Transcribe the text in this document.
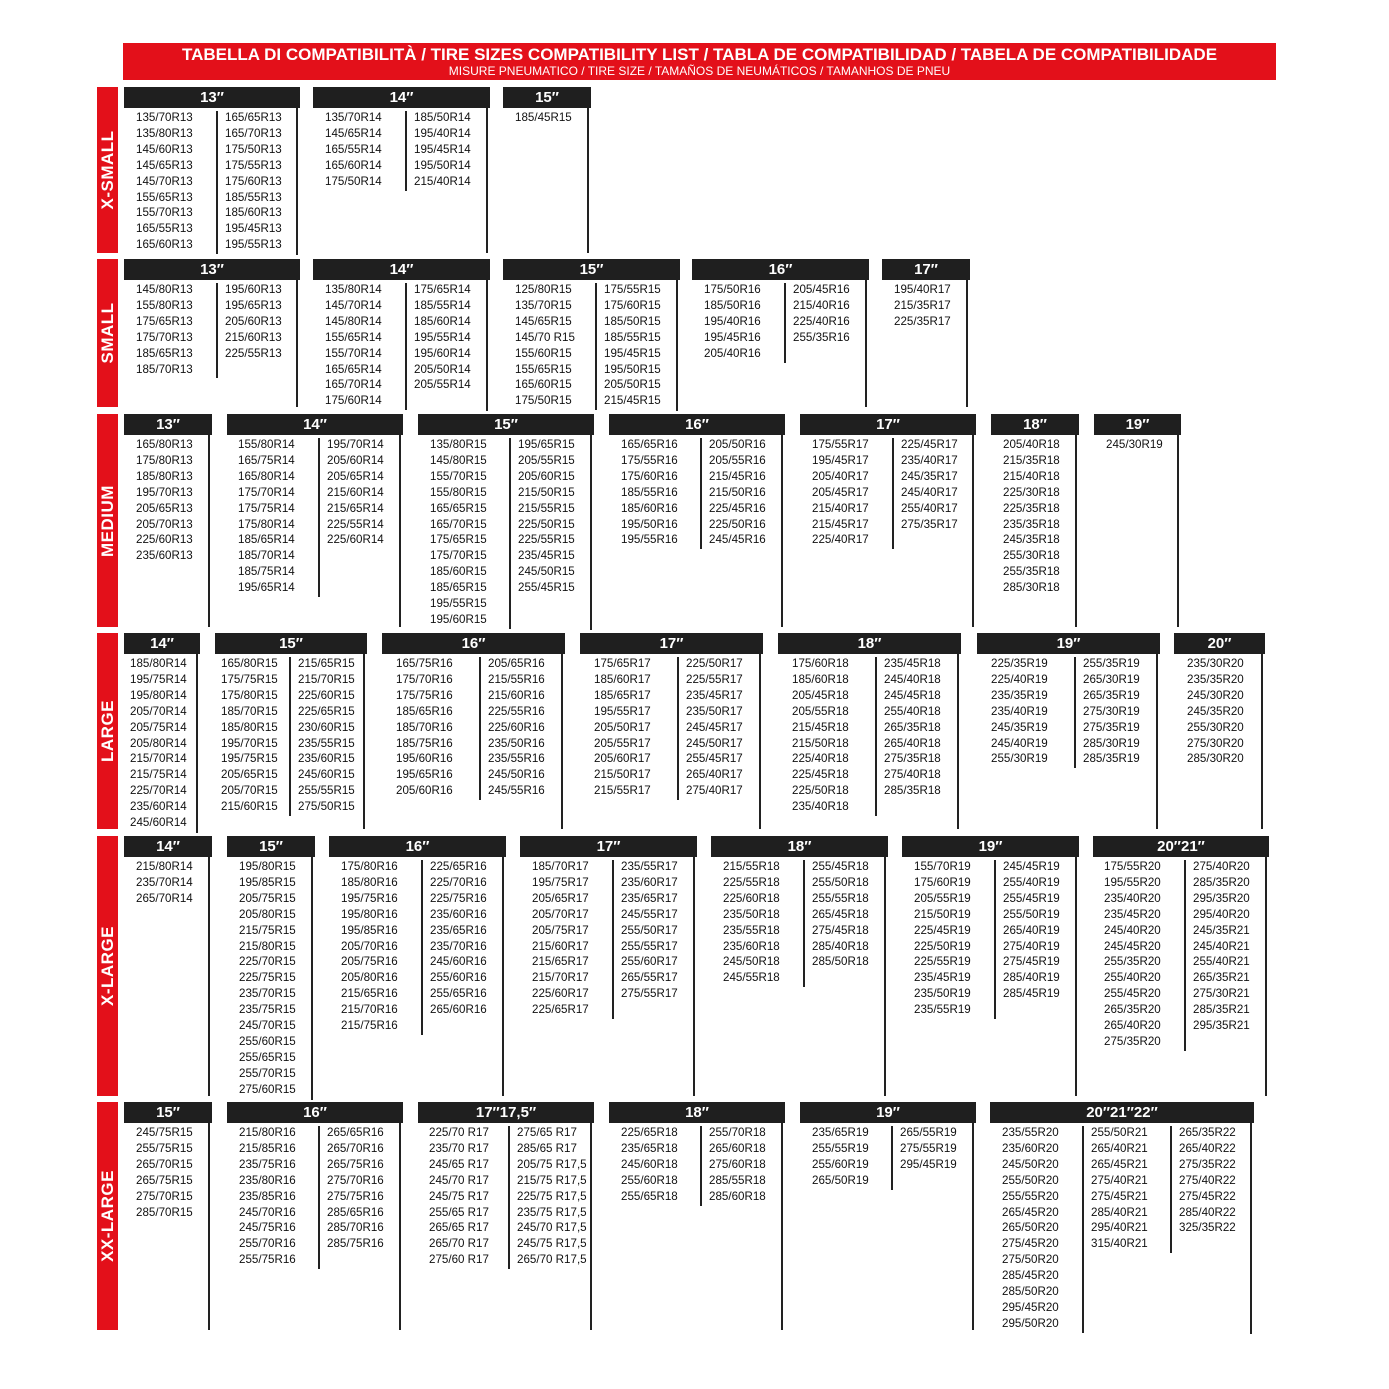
TABELLA DI COMPATIBILITÀ / TIRE SIZES COMPATIBILITY LIST / TABLA DE COMPATIBILIDAD / TABELA DE COMPATIBILIDADE
MISURE PNEUMATICO / TIRE SIZE / TAMAÑOS DE NEUMÁTICOS / TAMANHOS DE PNEU
X-SMALL
13″
135/70R13
135/80R13
145/60R13
145/65R13
145/70R13
155/65R13
155/70R13
165/55R13
165/60R13
165/65R13
165/70R13
175/50R13
175/55R13
175/60R13
185/55R13
185/60R13
195/45R13
195/55R13
14″
135/70R14
145/65R14
165/55R14
165/60R14
175/50R14
185/50R14
195/40R14
195/45R14
195/50R14
215/40R14
15″
185/45R15
SMALL
13″
145/80R13
155/80R13
175/65R13
175/70R13
185/65R13
185/70R13
195/60R13
195/65R13
205/60R13
215/60R13
225/55R13
14″
135/80R14
145/70R14
145/80R14
155/65R14
155/70R14
165/65R14
165/70R14
175/60R14
175/65R14
185/55R14
185/60R14
195/55R14
195/60R14
205/50R14
205/55R14
15″
125/80R15
135/70R15
145/65R15
145/70 R15
155/60R15
155/65R15
165/60R15
175/50R15
175/55R15
175/60R15
185/50R15
185/55R15
195/45R15
195/50R15
205/50R15
215/45R15
16″
175/50R16
185/50R16
195/40R16
195/45R16
205/40R16
205/45R16
215/40R16
225/40R16
255/35R16
17″
195/40R17
215/35R17
225/35R17
MEDIUM
13″
165/80R13
175/80R13
185/80R13
195/70R13
205/65R13
205/70R13
225/60R13
235/60R13
14″
155/80R14
165/75R14
165/80R14
175/70R14
175/75R14
175/80R14
185/65R14
185/70R14
185/75R14
195/65R14
195/70R14
205/60R14
205/65R14
215/60R14
215/65R14
225/55R14
225/60R14
15″
135/80R15
145/80R15
155/70R15
155/80R15
165/65R15
165/70R15
175/65R15
175/70R15
185/60R15
185/65R15
195/55R15
195/60R15
195/65R15
205/55R15
205/60R15
215/50R15
215/55R15
225/50R15
225/55R15
235/45R15
245/50R15
255/45R15
16″
165/65R16
175/55R16
175/60R16
185/55R16
185/60R16
195/50R16
195/55R16
205/50R16
205/55R16
215/45R16
215/50R16
225/45R16
225/50R16
245/45R16
17″
175/55R17
195/45R17
205/40R17
205/45R17
215/40R17
215/45R17
225/40R17
225/45R17
235/40R17
245/35R17
245/40R17
255/40R17
275/35R17
18″
205/40R18
215/35R18
215/40R18
225/30R18
225/35R18
235/35R18
245/35R18
255/30R18
255/35R18
285/30R18
19″
245/30R19
LARGE
14″
185/80R14
195/75R14
195/80R14
205/70R14
205/75R14
205/80R14
215/70R14
215/75R14
225/70R14
235/60R14
245/60R14
15″
165/80R15
175/75R15
175/80R15
185/70R15
185/80R15
195/70R15
195/75R15
205/65R15
205/70R15
215/60R15
215/65R15
215/70R15
225/60R15
225/65R15
230/60R15
235/55R15
235/60R15
245/60R15
255/55R15
275/50R15
16″
165/75R16
175/70R16
175/75R16
185/65R16
185/70R16
185/75R16
195/60R16
195/65R16
205/60R16
205/65R16
215/55R16
215/60R16
225/55R16
225/60R16
235/50R16
235/55R16
245/50R16
245/55R16
17″
175/65R17
185/60R17
185/65R17
195/55R17
205/50R17
205/55R17
205/60R17
215/50R17
215/55R17
225/50R17
225/55R17
235/45R17
235/50R17
245/45R17
245/50R17
255/45R17
265/40R17
275/40R17
18″
175/60R18
185/60R18
205/45R18
205/55R18
215/45R18
215/50R18
225/40R18
225/45R18
225/50R18
235/40R18
235/45R18
245/40R18
245/45R18
255/40R18
265/35R18
265/40R18
275/35R18
275/40R18
285/35R18
19″
225/35R19
225/40R19
235/35R19
235/40R19
245/35R19
245/40R19
255/30R19
255/35R19
265/30R19
265/35R19
275/30R19
275/35R19
285/30R19
285/35R19
20″
235/30R20
235/35R20
245/30R20
245/35R20
255/30R20
275/30R20
285/30R20
X-LARGE
14″
215/80R14
235/70R14
265/70R14
15″
195/80R15
195/85R15
205/75R15
205/80R15
215/75R15
215/80R15
225/70R15
225/75R15
235/70R15
235/75R15
245/70R15
255/60R15
255/65R15
255/70R15
275/60R15
16″
175/80R16
185/80R16
195/75R16
195/80R16
195/85R16
205/70R16
205/75R16
205/80R16
215/65R16
215/70R16
215/75R16
225/65R16
225/70R16
225/75R16
235/60R16
235/65R16
235/70R16
245/60R16
255/60R16
255/65R16
265/60R16
17″
185/70R17
195/75R17
205/65R17
205/70R17
205/75R17
215/60R17
215/65R17
215/70R17
225/60R17
225/65R17
235/55R17
235/60R17
235/65R17
245/55R17
255/50R17
255/55R17
255/60R17
265/55R17
275/55R17
18″
215/55R18
225/55R18
225/60R18
235/50R18
235/55R18
235/60R18
245/50R18
245/55R18
255/45R18
255/50R18
255/55R18
265/45R18
275/45R18
285/40R18
285/50R18
19″
155/70R19
175/60R19
205/55R19
215/50R19
225/45R19
225/50R19
225/55R19
235/45R19
235/50R19
235/55R19
245/45R19
255/40R19
255/45R19
255/50R19
265/40R19
275/40R19
275/45R19
285/40R19
285/45R19
20″21″
175/55R20
195/55R20
235/40R20
235/45R20
245/40R20
245/45R20
255/35R20
255/40R20
255/45R20
265/35R20
265/40R20
275/35R20
275/40R20
285/35R20
295/35R20
295/40R20
245/35R21
245/40R21
255/40R21
265/35R21
275/30R21
285/35R21
295/35R21
XX-LARGE
15″
245/75R15
255/75R15
265/70R15
265/75R15
275/70R15
285/70R15
16″
215/80R16
215/85R16
235/75R16
235/80R16
235/85R16
245/70R16
245/75R16
255/70R16
255/75R16
265/65R16
265/70R16
265/75R16
275/70R16
275/75R16
285/65R16
285/70R16
285/75R16
17″17,5″
225/70 R17
235/70 R17
245/65 R17
245/70 R17
245/75 R17
255/65 R17
265/65 R17
265/70 R17
275/60 R17
275/65 R17
285/65 R17
205/75 R17,5
215/75 R17,5
225/75 R17,5
235/75 R17,5
245/70 R17,5
245/75 R17,5
265/70 R17,5
18″
225/65R18
235/65R18
245/60R18
255/60R18
255/65R18
255/70R18
265/60R18
275/60R18
285/55R18
285/60R18
19″
235/65R19
255/55R19
255/60R19
265/50R19
265/55R19
275/55R19
295/45R19
20″21″22″
235/55R20
235/60R20
245/50R20
255/50R20
255/55R20
265/45R20
265/50R20
275/45R20
275/50R20
285/45R20
285/50R20
295/45R20
295/50R20
255/50R21
265/40R21
265/45R21
275/40R21
275/45R21
285/40R21
295/40R21
315/40R21
265/35R22
265/40R22
275/35R22
275/40R22
275/45R22
285/40R22
325/35R22
